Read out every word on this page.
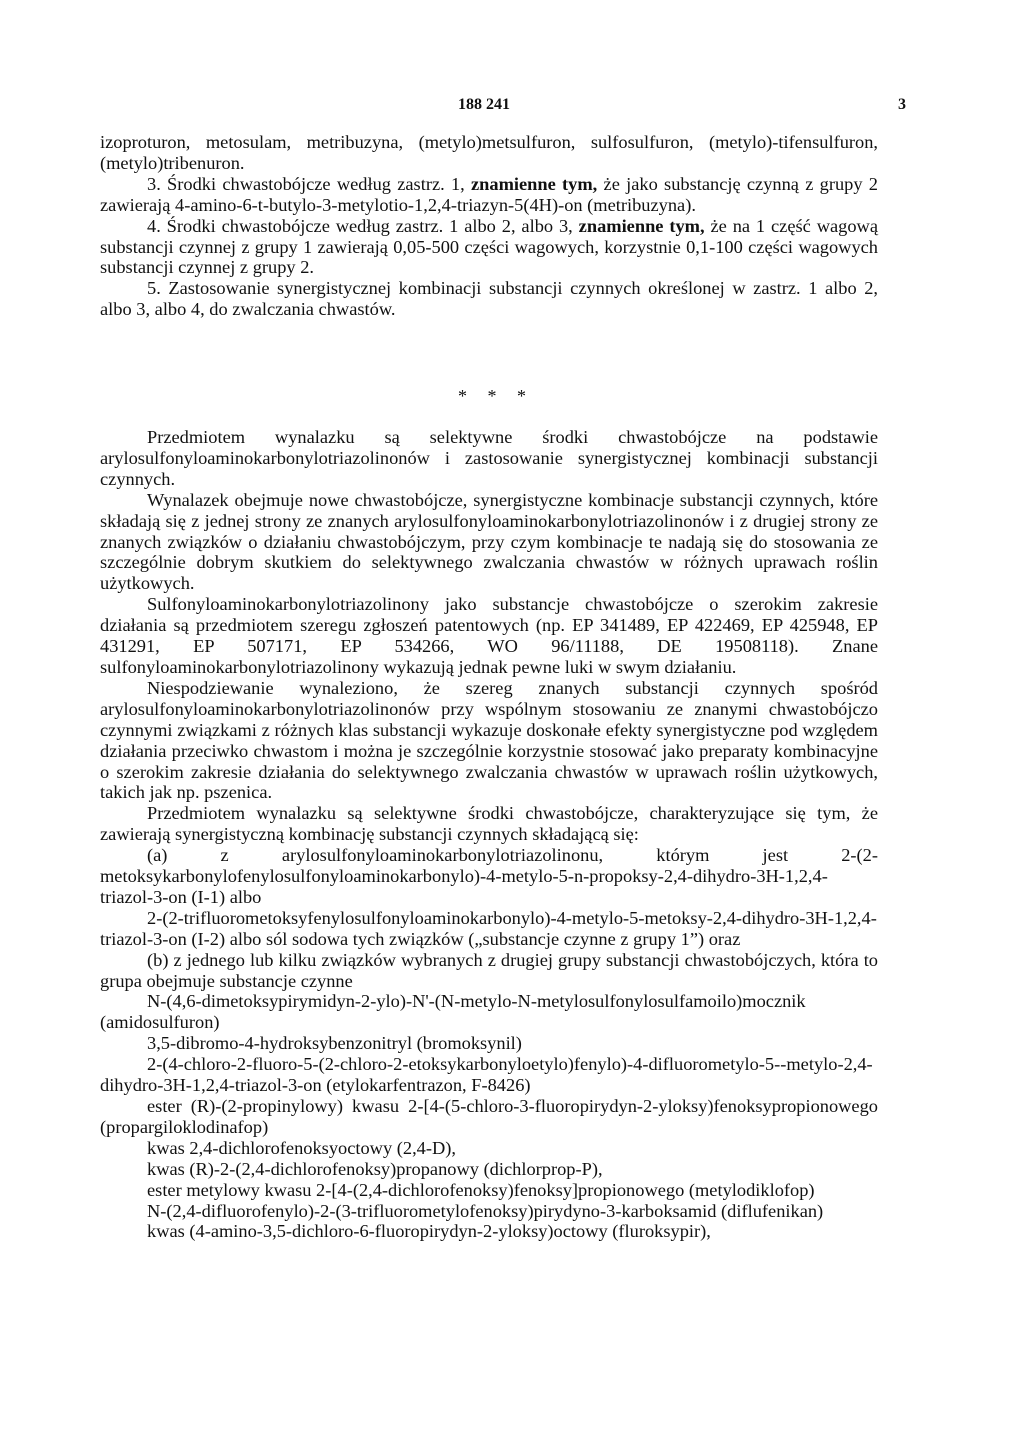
188 241	3

izoproturon, metosulam, metribuzyna, (metylo)metsulfuron, sulfosulfuron, (metylo)-tifensulfuron, (metylo)tribenuron.

3. Środki chwastobójcze według zastrz. 1, znamienne tym, że jako substancję czynną z grupy 2 zawierają 4-amino-6-t-butylo-3-metylotio-1,2,4-triazyn-5(4H)-on (metribuzyna).

4. Środki chwastobójcze według zastrz. 1 albo 2, albo 3, znamienne tym, że na 1 część wagową substancji czynnej z grupy 1 zawierają 0,05-500 części wagowych, korzystnie 0,1-100 części wagowych substancji czynnej z grupy 2.

5. Zastosowanie synergistycznej kombinacji substancji czynnych określonej w zastrz. 1 albo 2, albo 3, albo 4, do zwalczania chwastów.

* * *

Przedmiotem wynalazku są selektywne środki chwastobójcze na podstawie arylosulfonyloaminokarbonylotriazolinonów i zastosowanie synergistycznej kombinacji substancji czynnych.

Wynalazek obejmuje nowe chwastobójcze, synergistyczne kombinacje substancji czynnych, które składają się z jednej strony ze znanych arylosulfonyloaminokarbonylotriazolinonów i z drugiej strony ze znanych związków o działaniu chwastobójczym, przy czym kombinacje te nadają się do stosowania ze szczególnie dobrym skutkiem do selektywnego zwalczania chwastów w różnych uprawach roślin użytkowych.

Sulfonyloaminokarbonylotriazolinony jako substancje chwastobójcze o szerokim zakresie działania są przedmiotem szeregu zgłoszeń patentowych (np. EP 341489, EP 422469, EP 425948, EP 431291, EP 507171, EP 534266, WO 96/11188, DE 19508118). Znane sulfonyloaminokarbonylotriazolinony wykazują jednak pewne luki w swym działaniu.

Niespodziewanie wynaleziono, że szereg znanych substancji czynnych spośród arylosulfonyloaminokarbonylotriazolinonów przy wspólnym stosowaniu ze znanymi chwastobójczo czynnymi związkami z różnych klas substancji wykazuje doskonałe efekty synergistyczne pod względem działania przeciwko chwastom i można je szczególnie korzystnie stosować jako preparaty kombinacyjne o szerokim zakresie działania do selektywnego zwalczania chwastów w uprawach roślin użytkowych, takich jak np. pszenica.

Przedmiotem wynalazku są selektywne środki chwastobójcze, charakteryzujące się tym, że zawierają synergistyczną kombinację substancji czynnych składającą się:

(a) z arylosulfonyloaminokarbonylotriazolinonu, którym jest 2-(2-metoksykarbonylofenylosulfonyloaminokarbonylo)-4-metylo-5-n-propoksy-2,4-dihydro-3H-1,2,4-triazol-3-on (I-1) albo

2-(2-trifluorometoksyfenylosulfonyloaminokarbonylo)-4-metylo-5-metoksy-2,4-dihydro-3H-1,2,4-triazol-3-on (I-2) albo sól sodowa tych związków („substancje czynne z grupy 1”) oraz

(b) z jednego lub kilku związków wybranych z drugiej grupy substancji chwastobójczych, która to grupa obejmuje substancje czynne

N-(4,6-dimetoksypirymidyn-2-ylo)-N'-(N-metylo-N-metylosulfonylosulfamoilo)mocznik (amidosulfuron)

3,5-dibromo-4-hydroksybenzonitryl (bromoksynil)

2-(4-chloro-2-fluoro-5-(2-chloro-2-etoksykarbonyloetylo)fenylo)-4-difluorometylo-5--metylo-2,4-dihydro-3H-1,2,4-triazol-3-on (etylokarfentrazon, F-8426)

ester (R)-(2-propinylowy) kwasu 2-[4-(5-chloro-3-fluoropirydyn-2-yloksy)fenoksypropionowego (propargiloklodinafop)

kwas 2,4-dichlorofenoksyoctowy (2,4-D),

kwas (R)-2-(2,4-dichlorofenoksy)propanowy (dichlorprop-P),

ester metylowy kwasu 2-[4-(2,4-dichlorofenoksy)fenoksy]propionowego (metylodiklofop)

N-(2,4-difluorofenylo)-2-(3-trifluorometylofenoksy)pirydyno-3-karboksamid (diflufenikan)

kwas (4-amino-3,5-dichloro-6-fluoropirydyn-2-yloksy)octowy (fluroksypir),
